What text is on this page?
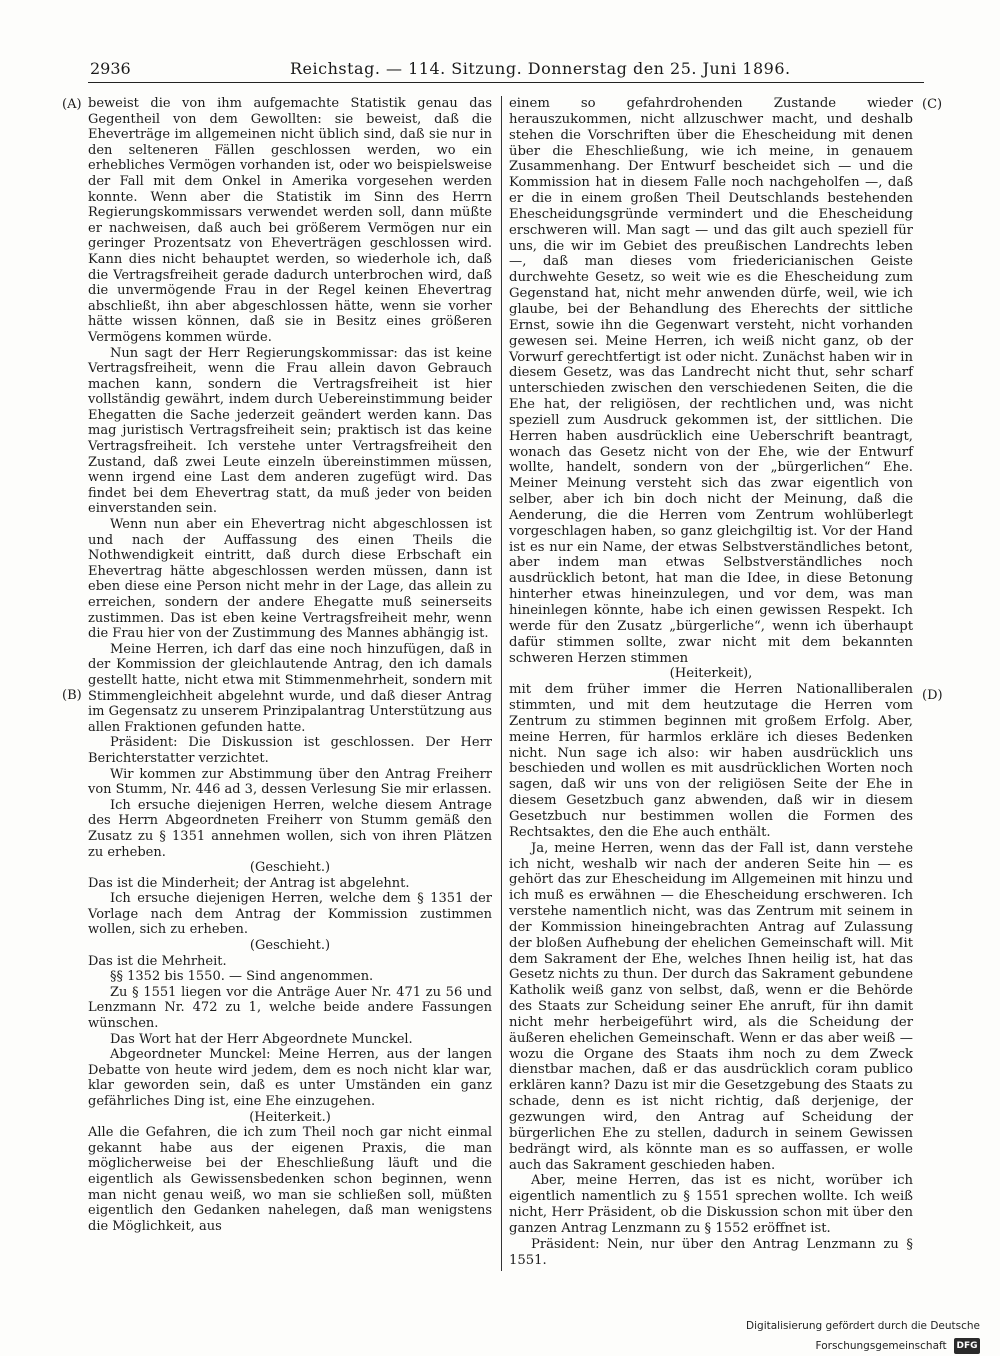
2936	Reichstag. — 114. Sitzung. Donnerstag den 25. Juni 1896.
(A)
(B)
(C)
(D)

beweist die von ihm aufgemachte Statistik genau das Gegentheil von dem Gewollten: sie beweist, daß die Eheverträge im allgemeinen nicht üblich sind, daß sie nur in den selteneren Fällen geschlossen werden, wo ein erhebliches Vermögen vorhanden ist, oder wo beispielsweise der Fall mit dem Onkel in Amerika vorgesehen werden konnte. Wenn aber die Statistik im Sinn des Herrn Regierungskommissars verwendet werden soll, dann müßte er nachweisen, daß auch bei größerem Vermögen nur ein geringer Prozentsatz von Eheverträgen geschlossen wird. Kann dies nicht behauptet werden, so wiederhole ich, daß die Vertragsfreiheit gerade dadurch unterbrochen wird, daß die unvermögende Frau in der Regel keinen Ehevertrag abschließt, ihn aber abgeschlossen hätte, wenn sie vorher hätte wissen können, daß sie in Besitz eines größeren Vermögens kommen würde.

Nun sagt der Herr Regierungskommissar: das ist keine Vertragsfreiheit, wenn die Frau allein davon Gebrauch machen kann, sondern die Vertragsfreiheit ist hier vollständig gewährt, indem durch Uebereinstimmung beider Ehegatten die Sache jederzeit geändert werden kann. Das mag juristisch Vertragsfreiheit sein; praktisch ist das keine Vertragsfreiheit. Ich verstehe unter Vertragsfreiheit den Zustand, daß zwei Leute einzeln übereinstimmen müssen, wenn irgend eine Last dem anderen zugefügt wird. Das findet bei dem Ehevertrag statt, da muß jeder von beiden einverstanden sein.

Wenn nun aber ein Ehevertrag nicht abgeschlossen ist und nach der Auffassung des einen Theils die Nothwendigkeit eintritt, daß durch diese Erbschaft ein Ehevertrag hätte abgeschlossen werden müssen, dann ist eben diese eine Person nicht mehr in der Lage, das allein zu erreichen, sondern der andere Ehegatte muß seinerseits zustimmen. Das ist eben keine Vertragsfreiheit mehr, wenn die Frau hier von der Zustimmung des Mannes abhängig ist.

Meine Herren, ich darf das eine noch hinzufügen, daß in der Kommission der gleichlautende Antrag, den ich damals gestellt hatte, nicht etwa mit Stimmenmehrheit, sondern mit Stimmengleichheit abgelehnt wurde, und daß dieser Antrag im Gegensatz zu unserem Prinzipalantrag Unterstützung aus allen Fraktionen gefunden hatte.

Präsident: Die Diskussion ist geschlossen. Der Herr Berichterstatter verzichtet.

Wir kommen zur Abstimmung über den Antrag Freiherr von Stumm, Nr. 446 ad 3, dessen Verlesung Sie mir erlassen.

Ich ersuche diejenigen Herren, welche diesem Antrage des Herrn Abgeordneten Freiherr von Stumm gemäß den Zusatz zu § 1351 annehmen wollen, sich von ihren Plätzen zu erheben.

(Geschieht.)

Das ist die Minderheit; der Antrag ist abgelehnt.

Ich ersuche diejenigen Herren, welche dem § 1351 der Vorlage nach dem Antrag der Kommission zustimmen wollen, sich zu erheben.

(Geschieht.)

Das ist die Mehrheit.

§§ 1352 bis 1550. — Sind angenommen.

Zu § 1551 liegen vor die Anträge Auer Nr. 471 zu 56 und Lenzmann Nr. 472 zu 1, welche beide andere Fassungen wünschen.

Das Wort hat der Herr Abgeordnete Munckel.

Abgeordneter Munckel: Meine Herren, aus der langen Debatte von heute wird jedem, dem es noch nicht klar war, klar geworden sein, daß es unter Umständen ein ganz gefährliches Ding ist, eine Ehe einzugehen.

(Heiterkeit.)

Alle die Gefahren, die ich zum Theil noch gar nicht einmal gekannt habe aus der eigenen Praxis, die man möglicherweise bei der Eheschließung läuft und die eigentlich als Gewissensbedenken schon beginnen, wenn man nicht genau weiß, wo man sie schließen soll, müßten eigentlich den Gedanken nahelegen, daß man wenigstens die Möglichkeit, aus

einem so gefahrdrohenden Zustande wieder herauszukommen, nicht allzuschwer macht, und deshalb stehen die Vorschriften über die Ehescheidung mit denen über die Eheschließung, wie ich meine, in genauem Zusammenhang. Der Entwurf bescheidet sich — und die Kommission hat in diesem Falle noch nachgeholfen —, daß er die in einem großen Theil Deutschlands bestehenden Ehescheidungsgründe vermindert und die Ehescheidung erschweren will. Man sagt — und das gilt auch speziell für uns, die wir im Gebiet des preußischen Landrechts leben —, daß man dieses vom friedericianischen Geiste durchwehte Gesetz, so weit wie es die Ehescheidung zum Gegenstand hat, nicht mehr anwenden dürfe, weil, wie ich glaube, bei der Behandlung des Eherechts der sittliche Ernst, sowie ihn die Gegenwart versteht, nicht vorhanden gewesen sei. Meine Herren, ich weiß nicht ganz, ob der Vorwurf gerechtfertigt ist oder nicht. Zunächst haben wir in diesem Gesetz, was das Landrecht nicht thut, sehr scharf unterschieden zwischen den verschiedenen Seiten, die die Ehe hat, der religiösen, der rechtlichen und, was nicht speziell zum Ausdruck gekommen ist, der sittlichen. Die Herren haben ausdrücklich eine Ueberschrift beantragt, wonach das Gesetz nicht von der Ehe, wie der Entwurf wollte, handelt, sondern von der „bürgerlichen“ Ehe. Meiner Meinung versteht sich das zwar eigentlich von selber, aber ich bin doch nicht der Meinung, daß die Aenderung, die die Herren vom Zentrum wohlüberlegt vorgeschlagen haben, so ganz gleichgiltig ist. Vor der Hand ist es nur ein Name, der etwas Selbstverständliches betont, aber indem man etwas Selbstverständliches noch ausdrücklich betont, hat man die Idee, in diese Betonung hinterher etwas hineinzulegen, und vor dem, was man hineinlegen könnte, habe ich einen gewissen Respekt. Ich werde für den Zusatz „bürgerliche“, wenn ich überhaupt dafür stimmen sollte, zwar nicht mit dem bekannten schweren Herzen stimmen

(Heiterkeit),

mit dem früher immer die Herren Nationalliberalen stimmten, und mit dem heutzutage die Herren vom Zentrum zu stimmen beginnen mit großem Erfolg. Aber, meine Herren, für harmlos erkläre ich dieses Bedenken nicht. Nun sage ich also: wir haben ausdrücklich uns beschieden und wollen es mit ausdrücklichen Worten noch sagen, daß wir uns von der religiösen Seite der Ehe in diesem Gesetzbuch ganz abwenden, daß wir in diesem Gesetzbuch nur bestimmen wollen die Formen des Rechtsaktes, den die Ehe auch enthält.

Ja, meine Herren, wenn das der Fall ist, dann verstehe ich nicht, weshalb wir nach der anderen Seite hin — es gehört das zur Ehescheidung im Allgemeinen mit hinzu und ich muß es erwähnen — die Ehescheidung erschweren. Ich verstehe namentlich nicht, was das Zentrum mit seinem in der Kommission hineingebrachten Antrag auf Zulassung der bloßen Aufhebung der ehelichen Gemeinschaft will. Mit dem Sakrament der Ehe, welches Ihnen heilig ist, hat das Gesetz nichts zu thun. Der durch das Sakrament gebundene Katholik weiß ganz von selbst, daß, wenn er die Behörde des Staats zur Scheidung seiner Ehe anruft, für ihn damit nicht mehr herbeigeführt wird, als die Scheidung der äußeren ehelichen Gemeinschaft. Wenn er das aber weiß — wozu die Organe des Staats ihm noch zu dem Zweck dienstbar machen, daß er das ausdrücklich coram publico erklären kann? Dazu ist mir die Gesetzgebung des Staats zu schade, denn es ist nicht richtig, daß derjenige, der gezwungen wird, den Antrag auf Scheidung der bürgerlichen Ehe zu stellen, dadurch in seinem Gewissen bedrängt wird, als könnte man es so auffassen, er wolle auch das Sakrament geschieden haben.

Aber, meine Herren, das ist es nicht, worüber ich eigentlich namentlich zu § 1551 sprechen wollte. Ich weiß nicht, Herr Präsident, ob die Diskussion schon mit über den ganzen Antrag Lenzmann zu § 1552 eröffnet ist.

Präsident: Nein, nur über den Antrag Lenzmann zu § 1551.

Digitalisierung gefördert durch die Deutsche Forschungsgemeinschaft DFG
